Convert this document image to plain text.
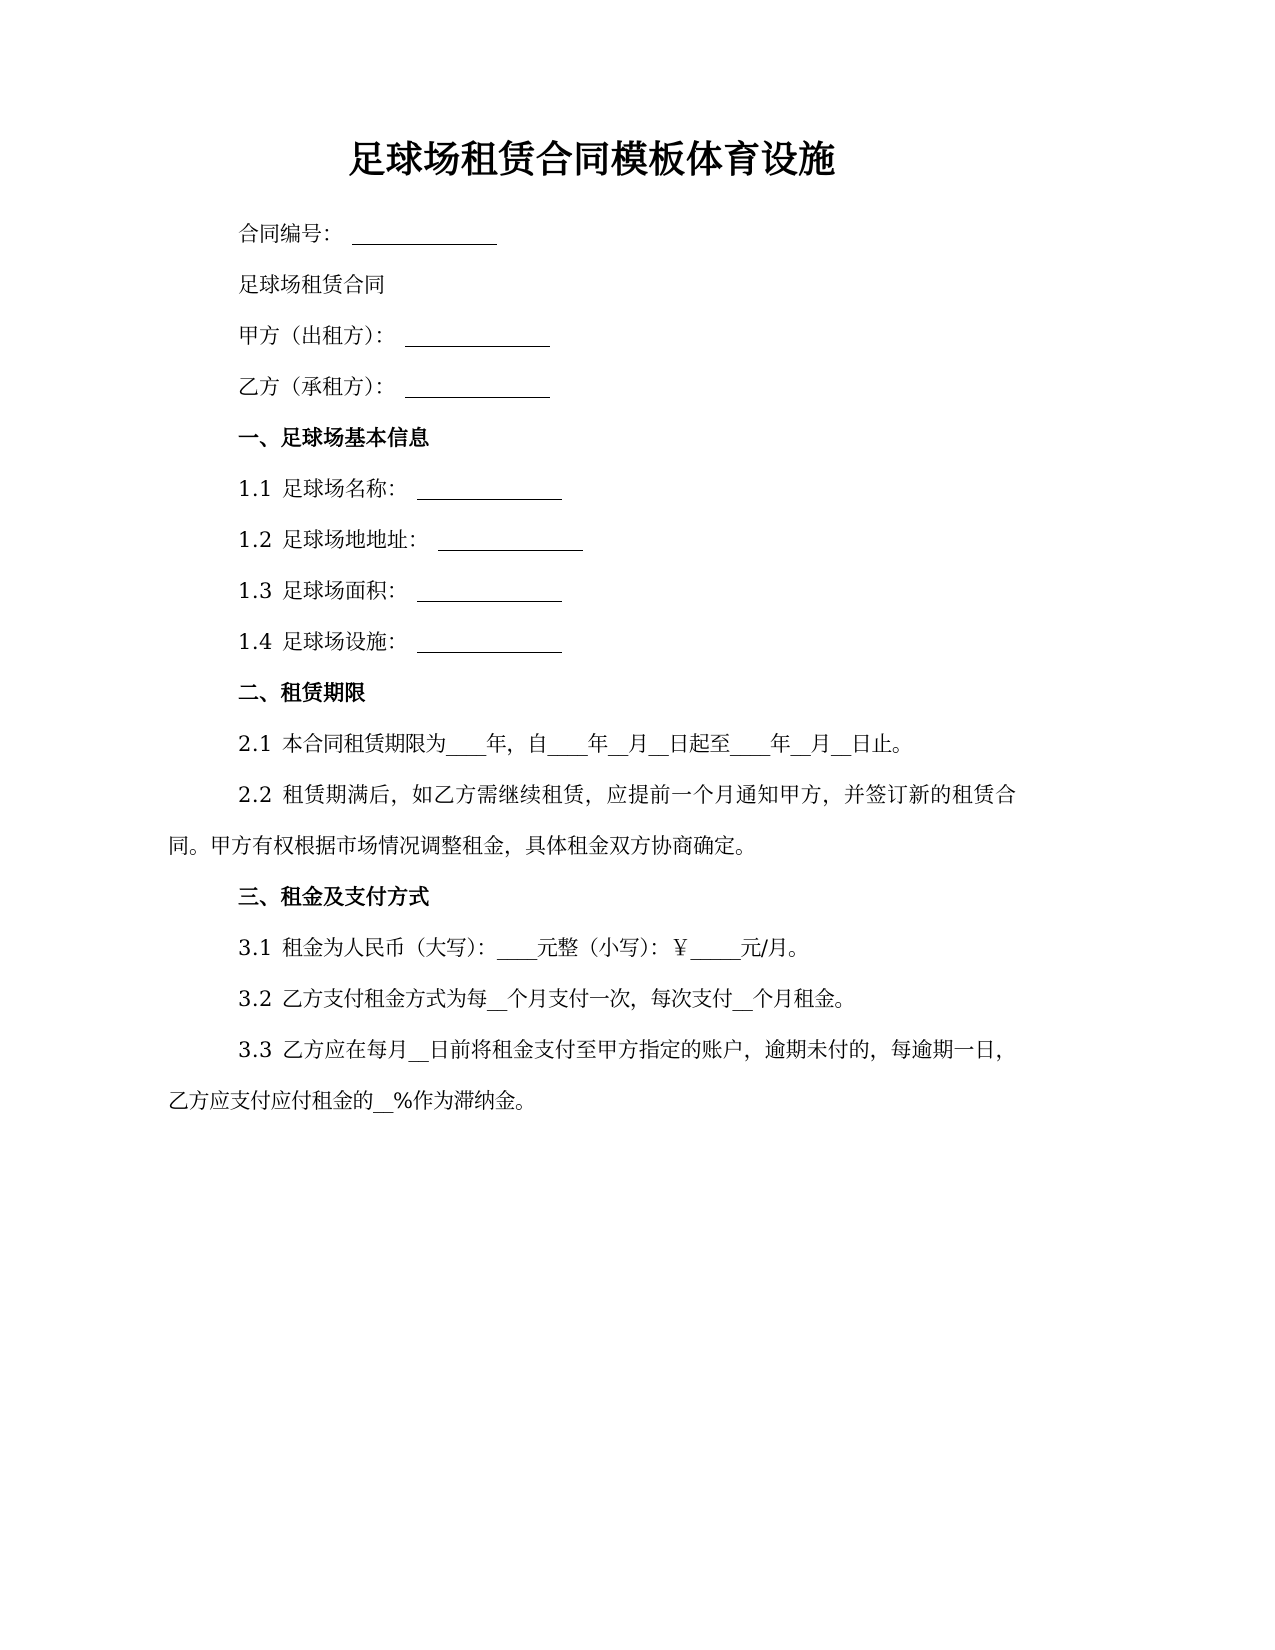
足球场租赁合同模板体育设施

合同编号：

足球场租赁合同

甲方（出租方）：

乙方（承租方）：

一、足球场基本信息

1.1 足球场名称：

1.2 足球场地地址：

1.3 足球场面积：

1.4 足球场设施：

二、租赁期限

2.1 本合同租赁期限为____年，自____年__月__日起至____年__月__日止。

2.2 租赁期满后，如乙方需继续租赁，应提前一个月通知甲方，并签订新的租赁合同。甲方有权根据市场情况调整租金，具体租金双方协商确定。

三、租金及支付方式

3.1 租金为人民币（大写）：____元整（小写）：￥_____元/月。

3.2 乙方支付租金方式为每__个月支付一次，每次支付__个月租金。

3.3 乙方应在每月__日前将租金支付至甲方指定的账户，逾期未付的，每逾期一日，乙方应支付应付租金的__%作为滞纳金。
